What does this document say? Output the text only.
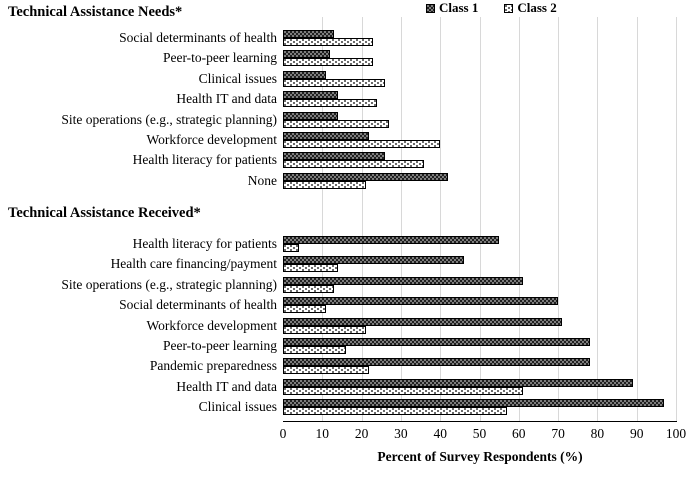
Class 1	Class 2
Technical Assistance Needs*
Technical Assistance Received*
Percent of Survey Respondents (%)
0	10	20	30	40	50	60	70	80	90	100
Social determinants of health
Peer-to-peer learning
Clinical issues
Health IT and data
Site operations (e.g., strategic planning)
Workforce development
Health literacy for patients
None
Health literacy for patients
Health care financing/payment
Site operations (e.g., strategic planning)
Social determinants of health
Workforce development
Peer-to-peer learning
Pandemic preparedness
Health IT and data
Clinical issues
